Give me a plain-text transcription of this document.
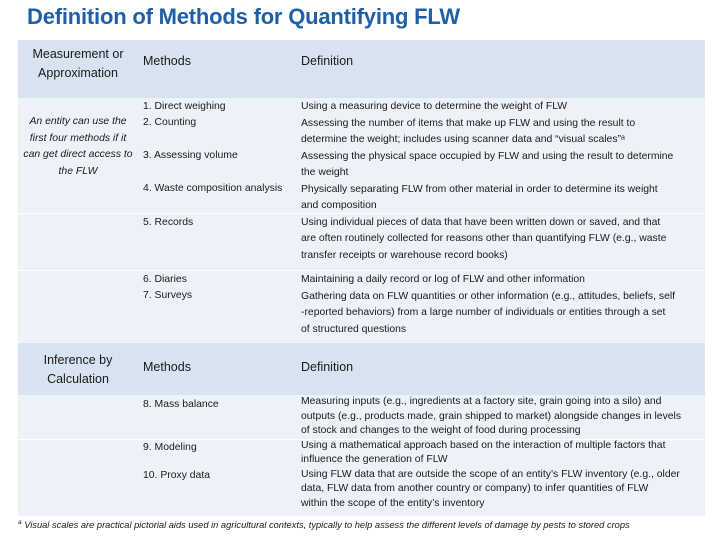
Definition of Methods for Quantifying FLW
Measurement or
Approximation
Methods	Definition
An entity can use the
first four methods if it
can get direct access to
the FLW
1. Direct weighing
2. Counting
3. Assessing volume
4. Waste composition analysis
5. Records
6. Diaries
7. Surveys
Using a measuring device to determine the weight of FLW
Assessing the number of items that make up FLW and using the result to
determine the weight; includes using scanner data and “visual scales”ᵃ
Assessing the physical space occupied by FLW and using the result to determine
the weight
Physically separating FLW from other material in order to determine its weight
and composition
Using individual pieces of data that have been written down or saved, and that
are often routinely collected for reasons other than quantifying FLW (e.g., waste
transfer receipts or warehouse record books)
Maintaining a daily record or log of FLW and other information
Gathering data on FLW quantities or other information (e.g., attitudes, beliefs, self
-reported behaviors) from a large number of individuals or entities through a set
of structured questions
Inference by
Calculation
Methods	Definition
8. Mass balance
9. Modeling
10. Proxy data
Measuring inputs (e.g., ingredients at a factory site, grain going into a silo) and
outputs (e.g., products made, grain shipped to market) alongside changes in levels
of stock and changes to the weight of food during processing
Using a mathematical approach based on the interaction of multiple factors that
influence the generation of FLW
Using FLW data that are outside the scope of an entity’s FLW inventory (e.g., older
data, FLW data from another country or company) to infer quantities of FLW
within the scope of the entity’s inventory
$^a$ Visual scales are practical pictorial aids used in agricultural contexts, typically to help assess the different levels of damage by pests to stored crops
